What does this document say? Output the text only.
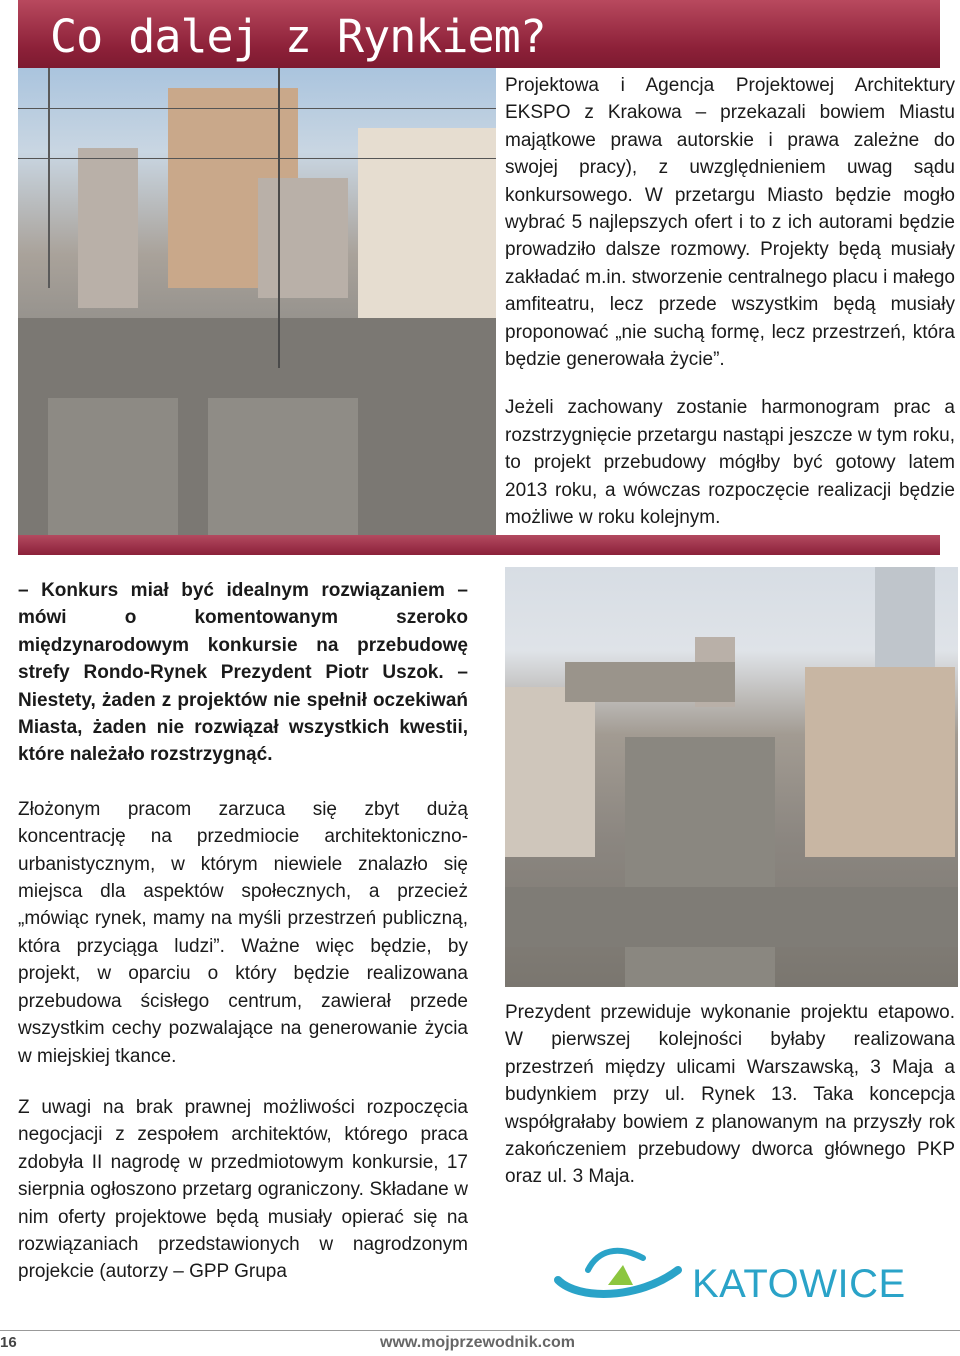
Co dalej z Rynkiem?

Projektowa i Agencja Projektowej Architektury EKSPO z Krakowa – przekazali bowiem Miastu majątkowe prawa autorskie i prawa zależne do swojej pracy), z uwzględnieniem uwag sądu konkursowego. W przetargu Miasto będzie mogło wybrać 5 najlepszych ofert i to z ich autorami będzie prowadziło dalsze rozmowy. Projekty będą musiały zakładać m.in. stworzenie centralnego placu i małego amfiteatru, lecz przede wszystkim będą musiały proponować „nie suchą formę, lecz przestrzeń, która będzie generowała życie”.

Jeżeli zachowany zostanie harmonogram prac a rozstrzygnięcie przetargu nastąpi jeszcze w tym roku, to projekt przebudowy mógłby być gotowy latem 2013 roku, a wówczas rozpoczęcie realizacji będzie możliwe w roku kolejnym.

– Konkurs miał być idealnym rozwiązaniem – mówi o komentowanym szeroko międzynarodowym konkursie na przebudowę strefy Rondo-Rynek Prezydent Piotr Uszok. – Niestety, żaden z projektów nie spełnił oczekiwań Miasta, żaden nie rozwiązał wszystkich kwestii, które należało rozstrzygnąć.

Złożonym pracom zarzuca się zbyt dużą koncentrację na przedmiocie architektoniczno-urbanistycznym, w którym niewiele znalazło się miejsca dla aspektów społecznych, a przecież „mówiąc rynek, mamy na myśli przestrzeń publiczną, która przyciąga ludzi”. Ważne więc będzie, by projekt, w oparciu o który będzie realizowana przebudowa ścisłego centrum, zawierał przede wszystkim cechy pozwalające na generowanie życia w miejskiej tkance.

Z uwagi na brak prawnej możliwości rozpoczęcia negocjacji z zespołem architektów, którego praca zdobyła II nagrodę w przedmiotowym konkursie, 17 sierpnia ogłoszono przetarg ograniczony. Składane w nim oferty projektowe będą musiały opierać się na rozwiązaniach przedstawionych w nagrodzonym projekcie (autorzy – GPP Grupa

Prezydent przewiduje wykonanie projektu etapowo. W pierwszej kolejności byłaby realizowana przestrzeń między ulicami Warszawską, 3 Maja a budynkiem przy ul. Rynek 13. Taka koncepcja współgrałaby bowiem z planowanym na przyszły rok zakończeniem przebudowy dworca głównego PKP oraz ul. 3 Maja.

KATOWICE
16	www.mojprzewodnik.com
